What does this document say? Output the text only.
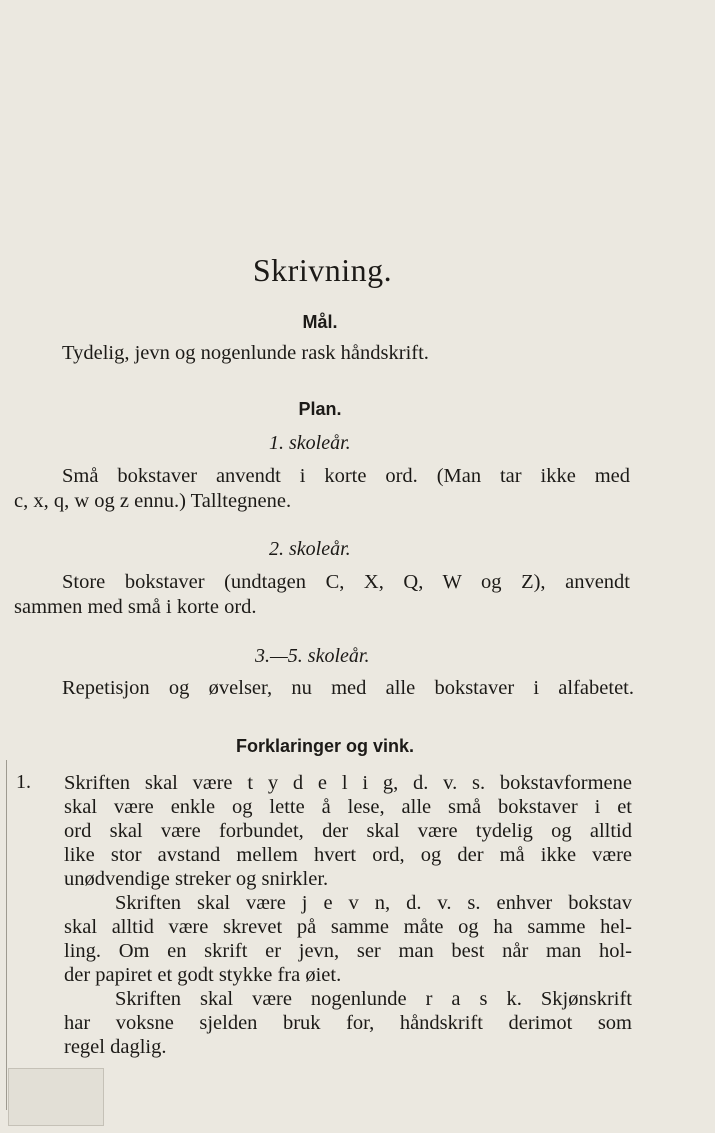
Skrivning.
Mål.
Tydelig, jevn og nogenlunde rask håndskrift.
Plan.
1. skoleår.
Små bokstaver anvendt i korte ord. (Man tar ikke med
c, x, q, w og z ennu.) Talltegnene.
2. skoleår.
Store bokstaver (undtagen C, X, Q, W og Z), anvendt
sammen med små i korte ord.
3.—5. skoleår.
Repetisjon og øvelser, nu med alle bokstaver i alfabetet.
Forklaringer og vink.
1. Skriften skal være t y d e l i g, d. v. s. bokstavformene
skal være enkle og lette å lese, alle små bokstaver i et
ord skal være forbundet, der skal være tydelig og alltid
like stor avstand mellem hvert ord, og der må ikke være
unødvendige streker og snirkler.
Skriften skal være j e v n, d. v. s. enhver bokstav
skal alltid være skrevet på samme måte og ha samme hel-
ling. Om en skrift er jevn, ser man best når man hol-
der papiret et godt stykke fra øiet.
Skriften skal være nogenlunde r a s k. Skjønskrift
har voksne sjelden bruk for, håndskrift derimot som
regel daglig.
